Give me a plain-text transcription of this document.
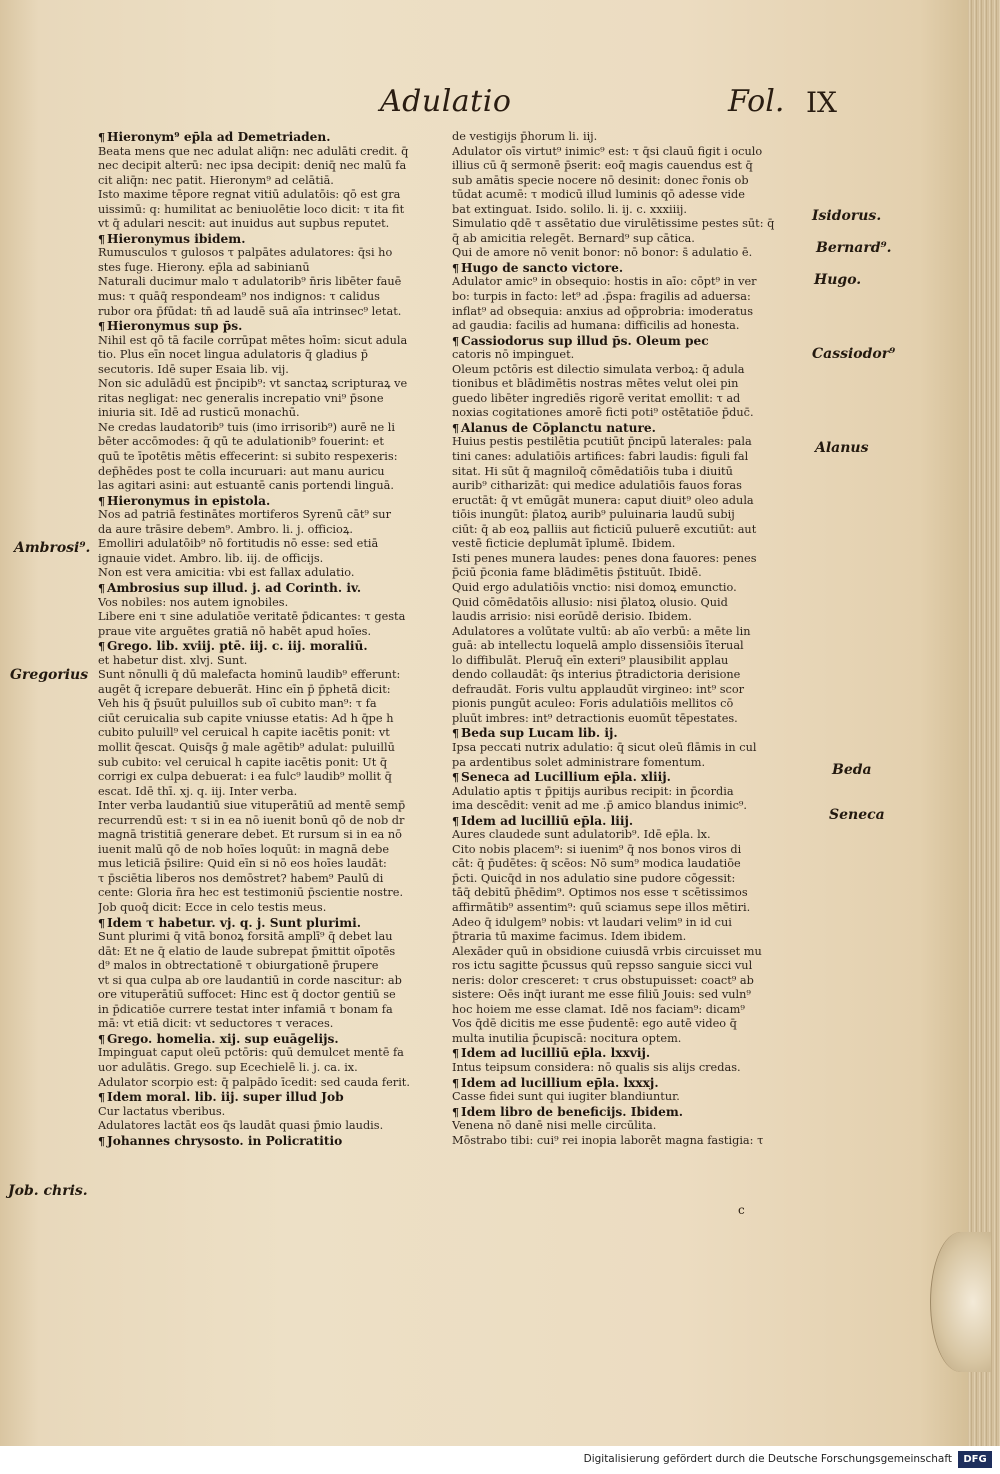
Adulatio	Fol. IX
¶ Hieronym⁹ ep̄la ad Demetriaden.
Beata mens que nec adulat aliq̄n: nec adulāti credit. q̄
nec decipit alterū: nec ipsa decipit̄: deniq̄ nec malū fa
cit aliq̄n: nec patit̄. Hieronym⁹ ad celātiā.
Isto maxime tēpore regnat vitiū adulatōis: qō est gra
uissimū: q: humilitat̄ ac beniuolētie loco dicit̄: τ ita fit
vt q̄ adulari nescit: aut inuidus aut supbus reputet̄.
¶ Hieronymus ibidem.
Rumusculos τ gulosos τ palpātes adulatores: q̄si ho
stes fuge. Hierony. ep̄la ad sabinianū
Naturali ducimur malo τ adulatorib⁹ n̄ris libēter fauē
mus: τ quāq̄ respondeam⁹ nos indignos: τ calidus
rubor ora p̄fūdat: tn̄ ad laudē suā aīa intrinsec⁹ letat̄.
¶ Hieronymus sup p̄s.
Nihil est qō tā facile corrūpat mētes hoīm: sicut adula
tio. Plus eīn nocet lingua adulatoris q̄ gladius p̄
secutoris. Idē super Esaia lib. vij.
Non sic adulādū est p̄ncipib⁹: vt sanctaꝝ scripturaꝝ ve
ritas negligat̄: nec generalis increpatio vni⁹ p̄sone
iniuria sit. Idē ad rusticū monachū.
Ne credas laudatorib⁹ tuis (imo irrisorib⁹) aurē ne li
bēter accōmodes: q̄ qū te adulationib⁹ fouerint: et
quū te īpotētis mētis effecerint: si subito respexeris:
dep̄hēdes post te colla incuruari: aut manu auricu
las agitari asini: aut estuantē canis portendi linguā.
¶ Hieronymus in epistola.
Nos ad patriā festinātes mortiferos Syrenū cāt⁹ sur
da aure trāsire debem⁹. Ambro. li. j. officioꝝ.
Emolliri adulatōib⁹ nō fortitudis nō esse: sed etiā
ignauie videt̄. Ambro. lib. iij. de officijs.
Non est vera amicitia: vbi est fallax adulatio.
¶ Ambrosius sup illud. j. ad Corinth. iv.
Vos nobiles: nos autem ignobiles.
Libere eni τ sine adulatiōe veritatē p̄dicantes: τ gesta
praue vite arguētes gratiā nō habēt apud hoīes.
¶ Grego. lib. xviij. ptē. iij. c. iij. moraliū.
et habetur dist. xlvj. Sunt.
Sunt nōnulli q̄ dū malefacta hominū laudib⁹ efferunt:
augēt q̄ icrepare debuerāt. Hinc eīn p̄ p̄phetā dicit̄:
Veh his q̄ p̄suūt puluillos sub oī cubito man⁹: τ fa
ciūt ceruicalia sub capite vniusse etatis: Ad h̄ q̄pe h̄
cubito puluill⁹ vel ceruical h̄ capite iacētis ponit̄: vt
mollit̄ q̄escat. Quisq̄s ḡ male agētib⁹ adulat̄: puluillū
sub cubito: vel ceruical h̄ capite iacētis ponit: Ut q̄
corrigi ex culpa debuerat: i ea fulc⁹ laudib⁹ mollit̄ q̄
escat. Idē thī. xj. q. iij. Inter verba.
Inter verba laudantiū siue vituperātiū ad mentē semp̄
recurrendū est: τ si in ea nō iuenit̄ bonū qō de nob̄ d̄r
magnā tristitiā generare debet. Et rursum si in ea nō
iuenit̄ malū qō de nob̄ hoīes loquūt̄: in magnā debe
mus leticiā p̄silire: Quid eīn si nō eos hoīes laudāt:
τ p̄sciētia liberos nos demōstret? habem⁹ Paulū di
cente: Gloria n̄ra hec est testimoniū p̄scientie nostre.
Job quoq̄ dicit: Ecce in celo testis meus.
¶ Idem τ habetur. vj. q. j. Sunt plurimi.
Sunt plurimi q̄ vitā bonoꝝ forsitā amplī⁹ q̄ debet lau
dāt: Et ne q̄ elatio de laude subrepat p̄mittit oīpotēs
d⁹ malos in obtrectationē τ obiurgationē p̄rupere
vt si qua culpa ab ore laudantiū in corde nascitur: ab
ore vituperātiū suffocet̄: Hinc est q̄ doctor gentiū se
in p̄dicatiōe currere testat̄ inter infamiā τ bonam fa
mā: vt etiā dicit: vt seductores τ veraces.
¶ Grego. homelia. xij. sup euāgelijs.
Impinguat caput oleū pctōris: quū demulcet mentē fa
uor adulātis. Grego. sup Ecechielē li. j. ca. ix.
Adulator scorpio est: q̄ palpādo īcedit: sed cauda ferit.
¶ Idem moral. lib. iij. super illud Job
Cur lactatus vberibus.
Adulatores lactāt eos q̄s laudāt quasi p̄mio laudis.
¶ Johannes chrysosto. in Policratitio
de vestigijs p̄horum li. iij.
Adulator oīs virtut⁹ inimic⁹ est: τ q̄si clauū figit i oculo
illius cū q̄ sermonē p̄serit: eoq̄ magis cauendus est q̄
sub amātis specie nocere nō desinit: donec r̄onis ob
tūdat acumē: τ modicū illud luminis qō adesse vide
bat̄ extinguat. Isido. solilo. li. ij. c. xxxiiij.
Simulatio qdē τ assētatio due virulētissime pestes sūt: q̄
q̄ ab amicitia relegēt. Bernard⁹ sup cātica.
Qui de amore nō venit bonor: nō bonor: s̄ adulatio ē.
¶ Hugo de sancto victore.
Adulator amic⁹ in obsequio: hostis in aīo: cōpt⁹ in ver
bo: turpis in facto: let⁹ ad .p̄spa: fragilis ad aduersa:
inflat⁹ ad obsequia: anxius ad op̄probria: imoderatus
ad gaudia: facilis ad humana: difficilis ad honesta.
¶ Cassiodorus sup illud p̄s. Oleum pec
catoris nō impinguet.
Oleum pctōris est dilectio simulata verboꝝ: q̄ adula
tionibus et blādimētis nostras mētes velut olei pin
guedo libēter ingrediēs rigorē veritat̄ emollit: τ ad
noxias cogitationes amorē ficti poti⁹ ostētatiōe p̄duc̄.
¶ Alanus de Cōplanctu nature.
Huius pestis pestilētia pcutiūt p̄ncipū laterales: pala
tini canes: adulatiōis artifices: fabri laudis: figuli fal
sitat̄. Hi sūt q̄ magniloq̄ cōmēdatiōis tuba i diuitū
aurib⁹ citharizāt: qui medice adulatiōis fauos foras
eructāt: q̄ vt emūgāt munera: caput diuit⁹ oleo adula
tiōis inungūt: p̄latoꝝ aurib⁹ puluinaria laudū subij
ciūt: q̄ ab eoꝝ palliis aut ficticiū puluerē excutiūt: aut
vestē ficticie deplumāt īplumē. Ibidem.
Isti penes munera laudes: penes dona fauores: penes
p̄ciū p̄conia fame blādimētis p̄stituūt. Ibidē.
Quid ergo adulatiōis vnctio: nisi domoꝝ emunctio.
Quid cōmēdatōis allusio: nisi p̄latoꝝ olusio. Quid
laudis arrisio: nisi eorūdē derisio. Ibidem.
Adulatores a volūtate vultū: ab aīo verbū: a mēte lin
guā: ab intellectu loquelā amplo dissensiōis īterual
lo diffibulāt. Pleruq̄ eīn exteri⁹ plausibilit applau
dendo collaudāt: q̄s interius p̄tradictoria derisione
defraudāt. Foris vultu applaudūt virgineo: int⁹ scor
pionis pungūt aculeo: Foris adulatiōis mellitos cō
pluūt imbres: int⁹ detractionis euomūt tēpestates.
¶ Beda sup Lucam lib. ij.
Ipsa peccati nutrix adulatio: q̄ sicut oleū flāmis in cul
pa ardentibus solet administrare fomentum.
¶ Seneca ad Lucillium ep̄la. xliij.
Adulatio aptis τ p̄pitijs auribus recipit: in p̄cordia
ima descēdit: venit ad me .p̄ amico blandus inimic⁹.
¶ Idem ad lucilliū ep̄la. liij.
Aures claudede sunt adulatorib⁹. Idē ep̄la. lx.
Cito nobis placem⁹: si iuenim⁹ q̄ nos bonos viros di
cāt: q̄ p̄udētes: q̄ scēos: Nō sum⁹ modica laudatiōe
p̄cti. Quicq̄d in nos adulatio sine pudore cōgessit:
tāq̄ debitū p̄hēdim⁹. Optimos nos esse τ scētissimos
affirmātib⁹ assentim⁹: quū sciamus sepe illos mētiri.
Adeo q̄ idulgem⁹ nobis: vt laudari velim⁹ in id cui
p̄traria tū maxime facimus. Idem ibidem.
Alexāder quū in obsidione cuiusdā vrbis circuisset mu
ros ictu sagitte p̄cussus quū repsso sanguie sicci vul
neris: dolor cresceret: τ crus obstupuisset: coact⁹ ab
sistere: Oēs inq̄t iurant me esse filiū Jouis: sed vuln⁹
hoc hoiem me esse clamat. Idē nos faciam⁹: dicam⁹
Vos q̄dē dicitis me esse p̄udentē: ego autē video q̄
multa inutilia p̄cupiscā: nocitura optem.
¶ Idem ad lucilliū ep̄la. lxxvij.
Intus teipsum considera: nō qualis sis alijs credas.
¶ Idem ad lucillium ep̄la. lxxxj.
Casse fidei sunt qui iugiter blandiuntur.
¶ Idem libro de beneficijs. Ibidem.
Venena nō danē nisi melle circūlita.
Mōstrabo tibi: cui⁹ rei inopia laborēt magna fastigia: τ
Isidorus.
Bernard⁹.
Hugo.
Cassiodor⁹
Alanus
Ambrosi⁹.
Gregorius
Beda
Seneca
Job. chris.
c
Digitalisierung gefördert durch die Deutsche Forschungsgemeinschaft	DFG
